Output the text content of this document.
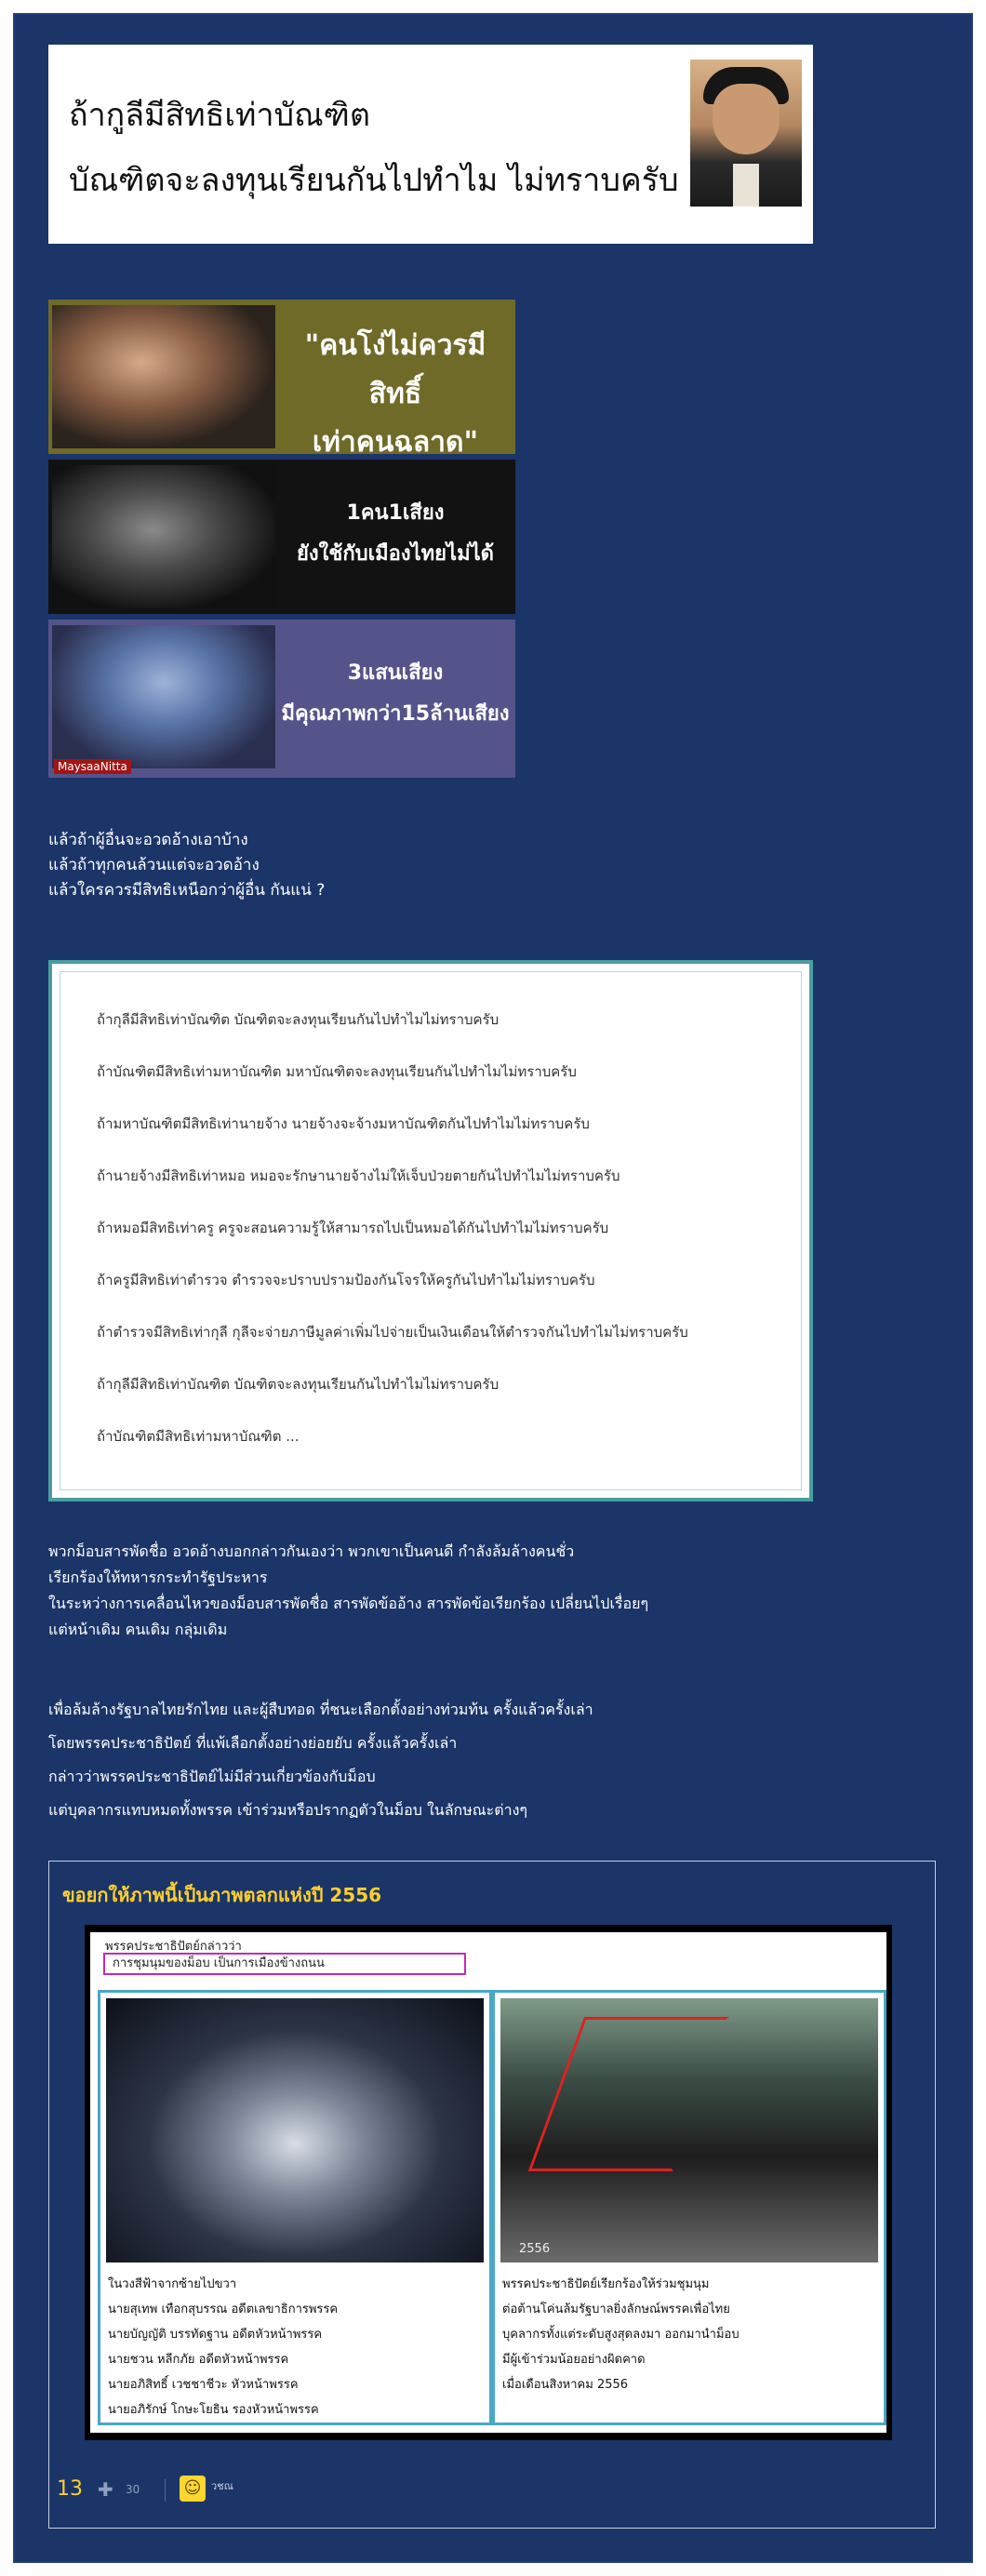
ถ้ากูลีมีสิทธิเท่าบัณฑิต
บัณฑิตจะลงทุนเรียนกันไปทำไม ไม่ทราบครับ
"คนโง่ไม่ควรมีสิทธิ์
เท่าคนฉลาด"
1คน1เสียง
ยังใช้กับเมืองไทยไม่ได้
3แสนเสียง
มีคุณภาพกว่า15ล้านเสียง
MaysaaNitta
แล้วถ้าผู้อื่นจะอวดอ้างเอาบ้าง
แล้วถ้าทุกคนล้วนแต่จะอวดอ้าง
แล้วใครควรมีสิทธิเหนือกว่าผู้อื่น กันแน่ ?
ถ้ากุลีมีสิทธิเท่าบัณฑิต บัณฑิตจะลงทุนเรียนกันไปทำไมไม่ทราบครับ
ถ้าบัณฑิตมีสิทธิเท่ามหาบัณฑิต มหาบัณฑิตจะลงทุนเรียนกันไปทำไมไม่ทราบครับ
ถ้ามหาบัณฑิตมีสิทธิเท่านายจ้าง นายจ้างจะจ้างมหาบัณฑิตกันไปทำไมไม่ทราบครับ
ถ้านายจ้างมีสิทธิเท่าหมอ หมอจะรักษานายจ้างไม่ให้เจ็บป่วยตายกันไปทำไมไม่ทราบครับ
ถ้าหมอมีสิทธิเท่าครู ครูจะสอนความรู้ให้สามารถไปเป็นหมอได้กันไปทำไมไม่ทราบครับ
ถ้าครูมีสิทธิเท่าตำรวจ ตำรวจจะปราบปรามป้องกันโจรให้ครูกันไปทำไมไม่ทราบครับ
ถ้าตำรวจมีสิทธิเท่ากุลี กุลีจะจ่ายภาษีมูลค่าเพิ่มไปจ่ายเป็นเงินเดือนให้ตำรวจกันไปทำไมไม่ทราบครับ
ถ้ากุลีมีสิทธิเท่าบัณฑิต บัณฑิตจะลงทุนเรียนกันไปทำไมไม่ทราบครับ
ถ้าบัณฑิตมีสิทธิเท่ามหาบัณฑิต ...
พวกม็อบสารพัดชื่อ อวดอ้างบอกกล่าวกันเองว่า พวกเขาเป็นคนดี กำลังล้มล้างคนชั่ว
เรียกร้องให้ทหารกระทำรัฐประหาร
ในระหว่างการเคลื่อนไหวของม็อบสารพัดชื่อ สารพัดข้ออ้าง สารพัดข้อเรียกร้อง เปลี่ยนไปเรื่อยๆ
แต่หน้าเดิม คนเดิม กลุ่มเดิม
เพื่อล้มล้างรัฐบาลไทยรักไทย และผู้สืบทอด ที่ชนะเลือกตั้งอย่างท่วมท้น ครั้งแล้วครั้งเล่า
โดยพรรคประชาธิปัตย์ ที่แพ้เลือกตั้งอย่างย่อยยับ ครั้งแล้วครั้งเล่า
กล่าวว่าพรรคประชาธิปัตย์ไม่มีส่วนเกี่ยวข้องกับม็อบ
แต่บุคลากรแทบหมดทั้งพรรค เข้าร่วมหรือปรากฏตัวในม็อบ ในลักษณะต่างๆ
ขอยกให้ภาพนี้เป็นภาพตลกแห่งปี 2556
พรรคประชาธิปัตย์กล่าวว่า
การชุมนุมของม็อบ เป็นการเมืองข้างถนน
ในวงสีฟ้าจากซ้ายไปขวา
นายสุเทพ เทือกสุบรรณ อดีตเลขาธิการพรรค
นายบัญญัติ บรรทัดฐาน อดีตหัวหน้าพรรค
นายชวน หลีกภัย อดีตหัวหน้าพรรค
นายอภิสิทธิ์ เวชชาชีวะ หัวหน้าพรรค
นายอภิรักษ์ โกษะโยธิน รองหัวหน้าพรรค
2556
พรรคประชาธิปัตย์เรียกร้องให้ร่วมชุมนุม
ต่อต้านโค่นล้มรัฐบาลยิ่งลักษณ์พรรคเพื่อไทย
บุคลากรทั้งแต่ระดับสูงสุดลงมา ออกมานำม็อบ
มีผู้เข้าร่วมน้อยอย่างผิดคาด
เมื่อเดือนสิงหาคม 2556
13 ✚ 30	☺ วชณ
